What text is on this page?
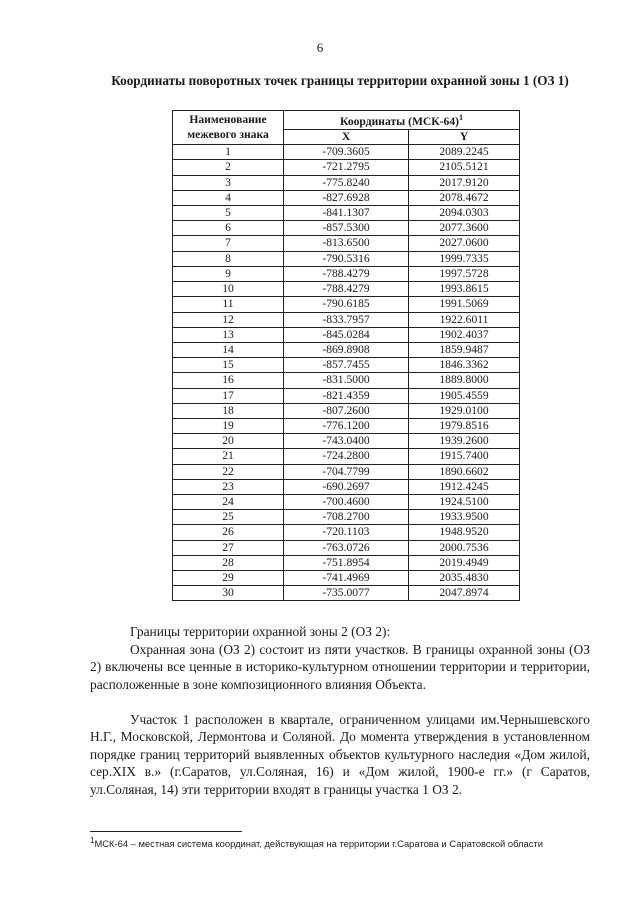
6
Координаты поворотных точек границы территории охранной зоны 1 (ОЗ 1)
Наименование межевого знака	Координаты $(МСК-64)^1$
	X	Y
1	-709.3605	2089.2245
2	-721.2795	2105.5121
3	-775.8240	2017.9120
4	-827.6928	2078.4672
5	-841.1307	2094.0303
6	-857.5300	2077.3600
7	-813.6500	2027.0600
8	-790.5316	1999.7335
9	-788.4279	1997.5728
10	-788.4279	1993.8615
11	-790.6185	1991.5069
12	-833.7957	1922.6011
13	-845.0284	1902.4037
14	-869.8908	1859.9487
15	-857.7455	1846.3362
16	-831.5000	1889.8000
17	-821.4359	1905.4559
18	-807.2600	1929.0100
19	-776.1200	1979.8516
20	-743.0400	1939.2600
21	-724.2800	1915.7400
22	-704.7799	1890.6602
23	-690.2697	1912.4245
24	-700.4600	1924.5100
25	-708.2700	1933.9500
26	-720.1103	1948.9520
27	-763.0726	2000.7536
28	-751.8954	2019.4949
29	-741.4969	2035.4830
30	-735.0077	2047.8974
Границы территории охранной зоны 2 (ОЗ 2):
Охранная зона (ОЗ 2) состоит из пяти участков. В границы охранной зоны (ОЗ 2) включены все ценные в историко-культурном отношении территории и территории, расположенные в зоне композиционного влияния Объекта.
Участок 1 расположен в квартале, ограниченном улицами им.Чернышевского Н.Г., Московской, Лермонтова и Соляной. До момента утверждения в установленном порядке границ территорий выявленных объектов культурного наследия «Дом жилой, сер.XIX в.» (г.Саратов, ул.Соляная, 16) и «Дом жилой, 1900-е гг.» (г Саратов, ул.Соляная, 14) эти территории входят в границы участка 1 ОЗ 2.
$^1$МСК-64 – местная система координат, действующая на территории г.Саратова и Саратовской области
